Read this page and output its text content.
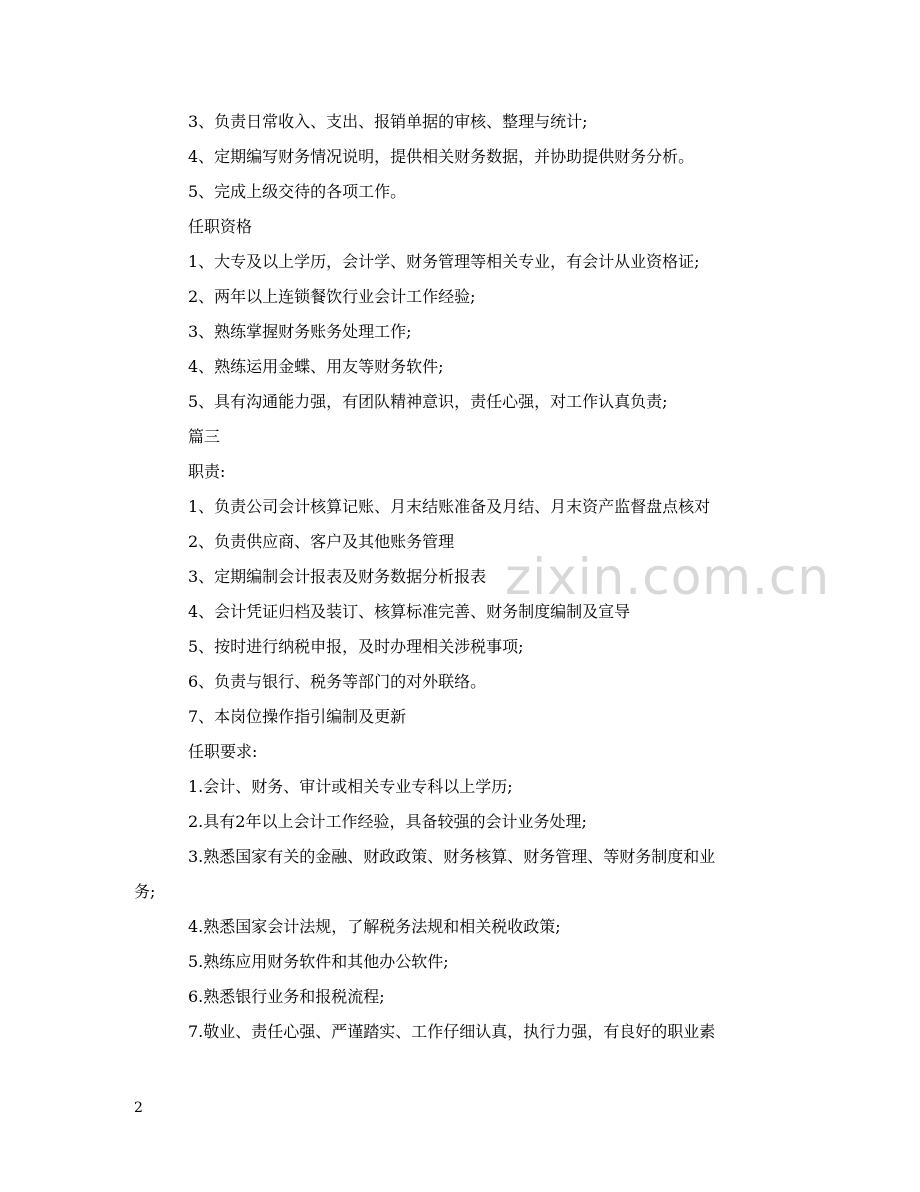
zixin.com.cn
3、负责日常收入、支出、报销单据的审核、整理与统计;
4、定期编写财务情况说明，提供相关财务数据，并协助提供财务分析。
5、完成上级交待的各项工作。
任职资格
1、大专及以上学历，会计学、财务管理等相关专业，有会计从业资格证;
2、两年以上连锁餐饮行业会计工作经验;
3、熟练掌握财务账务处理工作;
4、熟练运用金蝶、用友等财务软件;
5、具有沟通能力强，有团队精神意识，责任心强，对工作认真负责;
篇三
职责:
1、负责公司会计核算记账、月末结账准备及月结、月末资产监督盘点核对
2、负责供应商、客户及其他账务管理
3、定期编制会计报表及财务数据分析报表
4、会计凭证归档及装订、核算标准完善、财务制度编制及宣导
5、按时进行纳税申报，及时办理相关涉税事项;
6、负责与银行、税务等部门的对外联络。
7、本岗位操作指引编制及更新
任职要求:
1.会计、财务、审计或相关专业专科以上学历;
2.具有2年以上会计工作经验，具备较强的会计业务处理;
3.熟悉国家有关的金融、财政政策、财务核算、财务管理、等财务制度和业
务;
4.熟悉国家会计法规，了解税务法规和相关税收政策;
5.熟练应用财务软件和其他办公软件;
6.熟悉银行业务和报税流程;
7.敬业、责任心强、严谨踏实、工作仔细认真，执行力强，有良好的职业素
2
